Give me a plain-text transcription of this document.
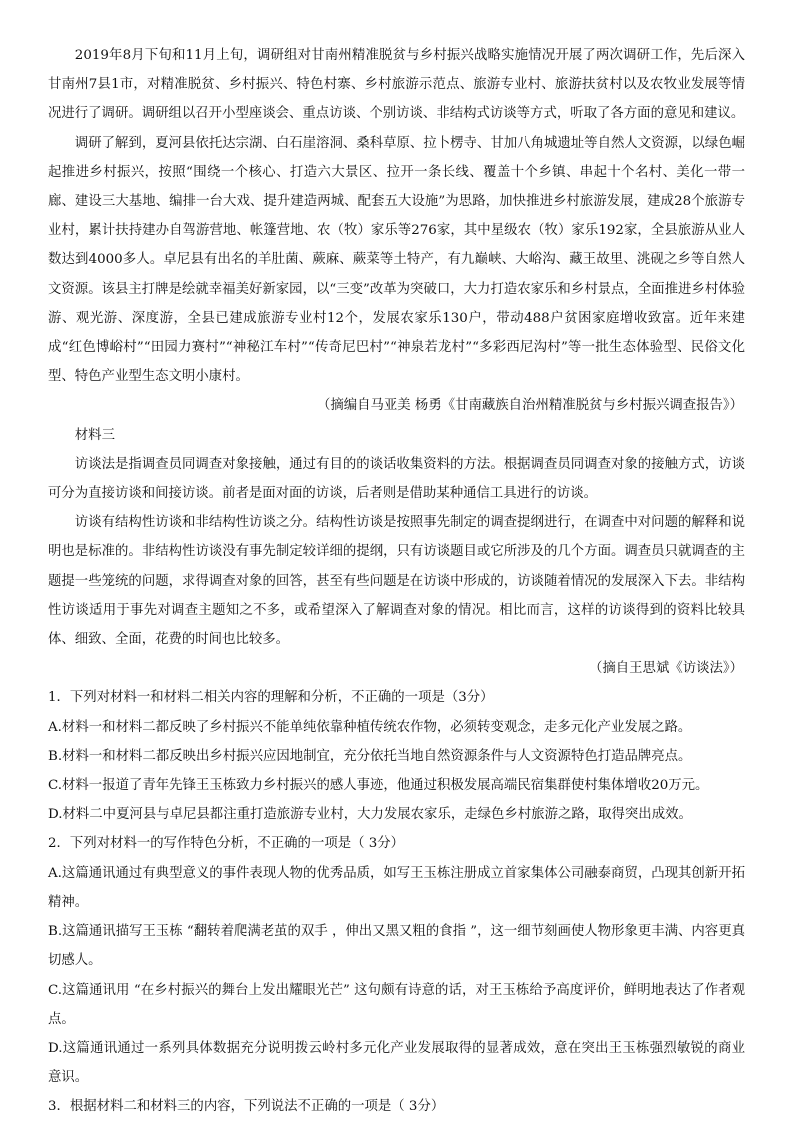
2019年8月下旬和11月上旬，调研组对甘南州精准脱贫与乡村振兴战略实施情况开展了两次调研工作，先后深入甘南州7县1市，对精准脱贫、乡村振兴、特色村寨、乡村旅游示范点、旅游专业村、旅游扶贫村以及农牧业发展等情况进行了调研。调研组以召开小型座谈会、重点访谈、个别访谈、非结构式访谈等方式，听取了各方面的意见和建议。

调研了解到，夏河县依托达宗湖、白石崖溶洞、桑科草原、拉卜楞寺、甘加八角城遗址等自然人文资源，以绿色崛起推进乡村振兴，按照“围绕一个核心、打造六大景区、拉开一条长线、覆盖十个乡镇、串起十个名村、美化一带一廊、建设三大基地、编排一台大戏、提升建造两城、配套五大设施”为思路，加快推进乡村旅游发展，建成28个旅游专业村，累计扶持建办自驾游营地、帐篷营地、农（牧）家乐等276家，其中星级农（牧）家乐192家，全县旅游从业人数达到4000多人。卓尼县有出名的羊肚菌、蕨麻、蕨菜等土特产，有九巅峡、大峪沟、藏王故里、洮砚之乡等自然人文资源。该县主打牌是绘就幸福美好新家园，以“三变”改革为突破口，大力打造农家乐和乡村景点，全面推进乡村体验游、观光游、深度游，全县已建成旅游专业村12个，发展农家乐130户，带动488户贫困家庭增收致富。近年来建成“红色博峪村”“田园力赛村”“神秘江车村”“传奇尼巴村”“神泉若龙村”“多彩西尼沟村”等一批生态体验型、民俗文化型、特色产业型生态文明小康村。

（摘编自马亚美 杨勇《甘南藏族自治州精准脱贫与乡村振兴调查报告》）

材料三

访谈法是指调查员同调查对象接触，通过有目的的谈话收集资料的方法。根据调查员同调查对象的接触方式，访谈可分为直接访谈和间接访谈。前者是面对面的访谈，后者则是借助某种通信工具进行的访谈。

访谈有结构性访谈和非结构性访谈之分。结构性访谈是按照事先制定的调查提纲进行，在调查中对问题的解释和说明也是标准的。非结构性访谈没有事先制定较详细的提纲，只有访谈题目或它所涉及的几个方面。调查员只就调查的主题提一些笼统的问题，求得调查对象的回答，甚至有些问题是在访谈中形成的，访谈随着情况的发展深入下去。非结构性访谈适用于事先对调查主题知之不多，或希望深入了解调查对象的情况。相比而言，这样的访谈得到的资料比较具体、细致、全面，花费的时间也比较多。

（摘自王思斌《访谈法》）

1．下列对材料一和材料二相关内容的理解和分析，不正确的一项是（3分）

A.材料一和材料二都反映了乡村振兴不能单纯依靠种植传统农作物，必须转变观念，走多元化产业发展之路。

B.材料一和材料二都反映出乡村振兴应因地制宜，充分依托当地自然资源条件与人文资源特色打造品牌亮点。

C.材料一报道了青年先锋王玉栋致力乡村振兴的感人事迹，他通过积极发展高端民宿集群使村集体增收20万元。

D.材料二中夏河县与卓尼县都注重打造旅游专业村，大力发展农家乐，走绿色乡村旅游之路，取得突出成效。

2．下列对材料一的写作特色分析，不正确的一项是（ 3分）

A.这篇通讯通过有典型意义的事件表现人物的优秀品质，如写王玉栋注册成立首家集体公司融泰商贸，凸现其创新开拓精神。

B.这篇通讯描写王玉栋 “翻转着爬满老茧的双手 ，伸出又黑又粗的食指 ”，这一细节刻画使人物形象更丰满、内容更真切感人。

C.这篇通讯用 “在乡村振兴的舞台上发出耀眼光芒” 这句颇有诗意的话，对王玉栋给予高度评价，鲜明地表达了作者观点。

D.这篇通讯通过一系列具体数据充分说明拨云岭村多元化产业发展取得的显著成效，意在突出王玉栋强烈敏锐的商业意识。

3．根据材料二和材料三的内容，下列说法不正确的一项是（ 3分）
